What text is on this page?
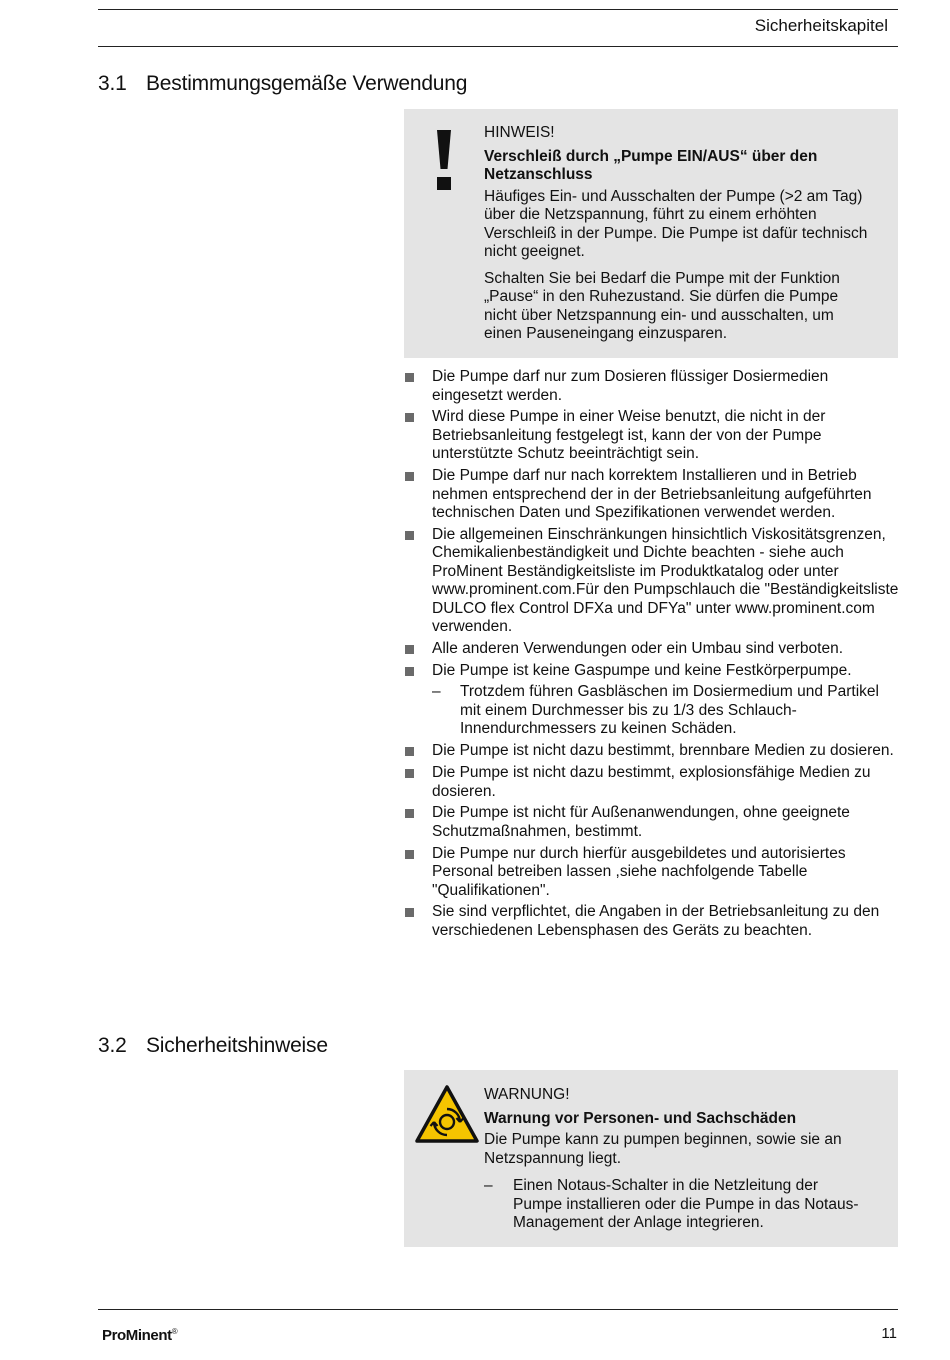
Sicherheitskapitel
3.1 Bestimmungsgemäße Verwendung
HINWEIS!
Verschleiß durch „Pumpe EIN/AUS“ über den Netzanschluss

Häufiges Ein- und Ausschalten der Pumpe (>2 am Tag) über die Netzspannung, führt zu einem erhöhten Verschleiß in der Pumpe. Die Pumpe ist dafür technisch nicht geeignet.

Schalten Sie bei Bedarf die Pumpe mit der Funktion „Pause“ in den Ruhezustand. Sie dürfen die Pumpe nicht über Netzspannung ein- und ausschalten, um einen Pauseneingang einzusparen.

Die Pumpe darf nur zum Dosieren flüssiger Dosiermedien eingesetzt werden.
Wird diese Pumpe in einer Weise benutzt, die nicht in der Betriebsanleitung festgelegt ist, kann der von der Pumpe unterstützte Schutz beeinträchtigt sein.
Die Pumpe darf nur nach korrektem Installieren und in Betrieb nehmen entsprechend der in der Betriebsanleitung aufgeführten technischen Daten und Spezifikationen verwendet werden.
Die allgemeinen Einschränkungen hinsichtlich Viskositätsgrenzen, Chemikalienbeständigkeit und Dichte beachten - siehe auch ProMinent Beständigkeitsliste im Produktkatalog oder unter www.prominent.com.Für den Pumpschlauch die "Beständigkeitsliste DULCO flex Control DFXa und DFYa" unter www.prominent.com verwenden.
Alle anderen Verwendungen oder ein Umbau sind verboten.
Die Pumpe ist keine Gaspumpe und keine Festkörperpumpe.
– Trotzdem führen Gasbläschen im Dosiermedium und Partikel mit einem Durchmesser bis zu 1/3 des Schlauch-Innendurchmessers zu keinen Schäden.
Die Pumpe ist nicht dazu bestimmt, brennbare Medien zu dosieren.
Die Pumpe ist nicht dazu bestimmt, explosionsfähige Medien zu dosieren.
Die Pumpe ist nicht für Außenanwendungen, ohne geeignete Schutzmaßnahmen, bestimmt.
Die Pumpe nur durch hierfür ausgebildetes und autorisiertes Personal betreiben lassen ,siehe nachfolgende Tabelle "Qualifikationen".
Sie sind verpflichtet, die Angaben in der Betriebsanleitung zu den verschiedenen Lebensphasen des Geräts zu beachten.
3.2 Sicherheitshinweise
WARNUNG!
Warnung vor Personen- und Sachschäden
Die Pumpe kann zu pumpen beginnen, sowie sie an Netzspannung liegt.
–	Einen Notaus-Schalter in die Netzleitung der Pumpe installieren oder die Pumpe in das Notaus-Management der Anlage integrieren.
ProMinent®	11
